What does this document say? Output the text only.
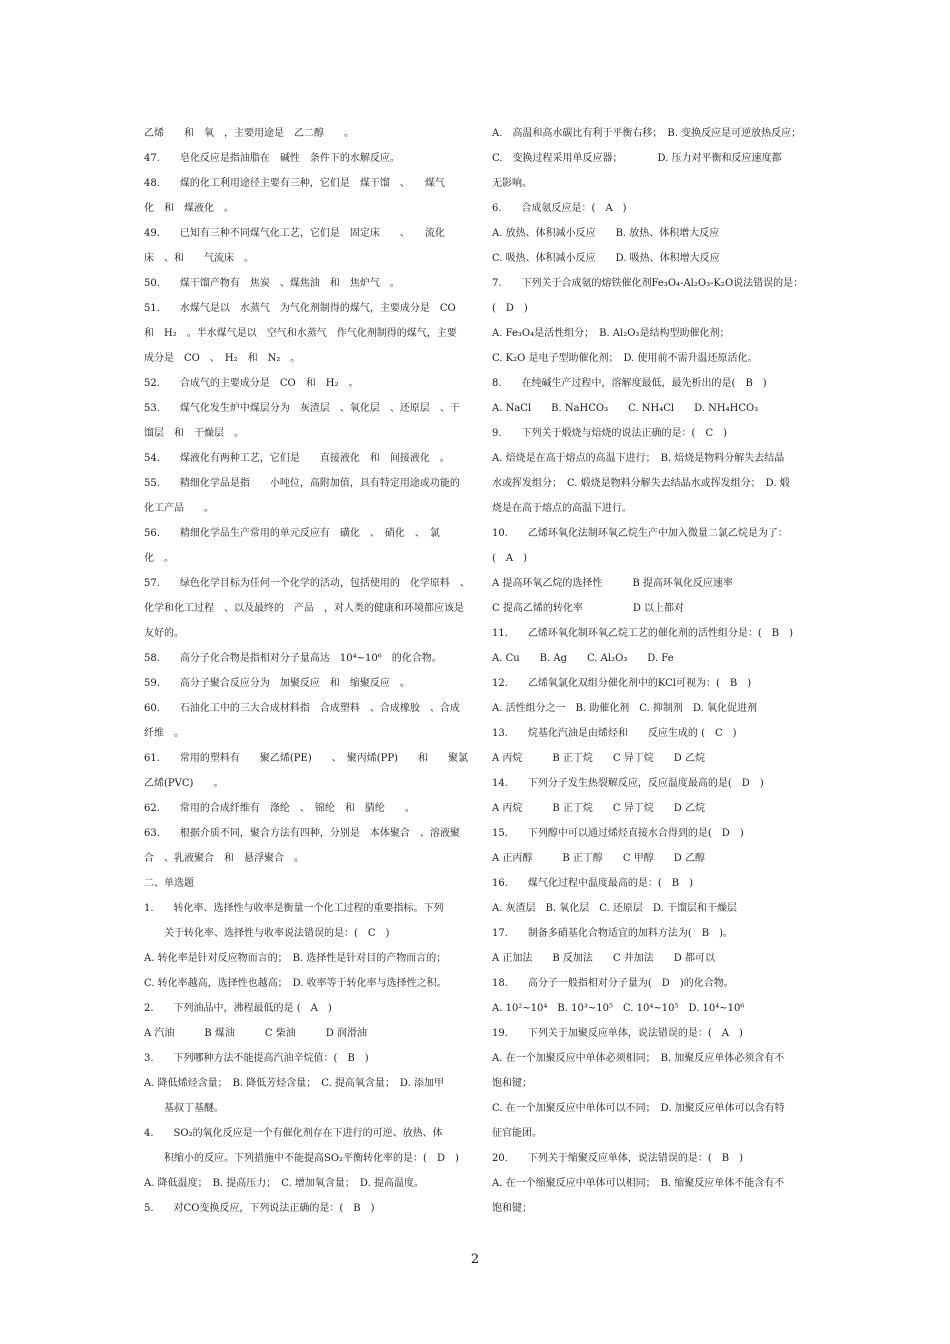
乙烯　　和　氧　，主要用途是　乙二醇　　。
47.　　皂化反应是指油脂在　碱性　条件下的水解反应。
48.　　煤的化工利用途径主要有三种，它们是　煤干馏　、　　煤气
化　和　煤液化　。
49.　　已知有三种不同煤气化工艺，它们是　固定床　　、　　流化
床　、和　　气流床　。
50.　　煤干馏产物有　焦炭　、煤焦油　和　焦炉气　。
51.　　水煤气是以　水蒸气　为气化剂制得的煤气，主要成分是　CO
和　H₂　。半水煤气是以　空气和水蒸气　作气化剂制得的煤气，主要
成分是　CO　、　H₂　和　N₂　。
52.　　合成气的主要成分是　CO　和　H₂　。
53.　　煤气化发生炉中煤层分为　灰渣层　、氧化层　、还原层　、干
馏层　和　干燥层　。
54.　　煤液化有两种工艺，它们是　　直接液化　和　间接液化　。
55.　　精细化学品是指　　小吨位，高附加值，具有特定用途或功能的
化工产品　　。
56.　　精细化学品生产常用的单元反应有　磺化　、　硝化　、　氯
化　。
57.　　绿色化学目标为任何一个化学的活动，包括使用的　化学原料　、
化学和化工过程　、以及最终的　产品　，对人类的健康和环境都应该是
友好的。
58.　　高分子化合物是指相对分子量高达　10⁴~10⁶　的化合物。
59.　　高分子聚合反应分为　加聚反应　和　缩聚反应　。
60.　　石油化工中的三大合成材料指　合成塑料　、合成橡胶　、合成
纤维　。
61.　　常用的塑料有　　聚乙烯(PE)　　、　聚丙烯(PP)　　和　　聚氯
乙烯(PVC)　　。
62.　　常用的合成纤维有　涤纶　、　锦纶　和　腈纶　　。
63.　　根据介质不同，聚合方法有四种，分别是　本体聚合　、溶液聚
合　、乳液聚合　和　悬浮聚合　。
二、单选题
1.　　转化率、选择性与收率是衡量一个化工过程的重要指标。下列
　　关于转化率、选择性与收率说法错误的是：(　C　)
A. 转化率是针对反应物而言的；　B. 选择性是针对目的产物而言的；
C. 转化率越高，选择性也越高；　D. 收率等于转化率与选择性之积。
2.　　下列油品中，沸程最低的是 (　A　)
A 汽油　　　B 煤油　　　C 柴油　　　D 润滑油
3.　　下列哪种方法不能提高汽油辛烷值：(　B　)
A. 降低烯烃含量；　B. 降低芳烃含量；　C. 提高氧含量；　D. 添加甲
　　基叔丁基醚。
4.　　SO₂的氧化反应是一个有催化剂存在下进行的可逆、放热、体
　　积缩小的反应。下列措施中不能提高SO₂平衡转化率的是：(　D　)
A. 降低温度；　B. 提高压力；　C. 增加氧含量；　D. 提高温度。
5.　　对CO变换反应，下列说法正确的是：(　B　)
A.　高温和高水碳比有利于平衡右移；　B. 变换反应是可逆放热反应；
C.　变换过程采用单反应器；　　　　D. 压力对平衡和反应速度都
无影响。
6.　　合成氨反应是：(　A　)
A. 放热、体积减小反应　　B. 放热、体积增大反应
C. 吸热、体积减小反应　　D. 吸热、体积增大反应
7.　　下列关于合成氨的熔铁催化剂Fe₃O₄-Al₂O₃-K₂O说法错误的是：
(　D　)
A. Fe₃O₄是活性组分；　B. Al₂O₃是结构型助催化剂；
C. K₂O 是电子型助催化剂；　D. 使用前不需升温还原活化。
8.　　在纯碱生产过程中，溶解度最低，最先析出的是(　B　)
A. NaCl　　B. NaHCO₃　　C. NH₄Cl　　D. NH₄HCO₃
9.　　下列关于煅烧与焙烧的说法正确的是：(　C　)
A. 焙烧是在高于熔点的高温下进行；　B. 焙烧是物料分解失去结晶
水或挥发组分；　C. 煅烧是物料分解失去结晶水或挥发组分；　D. 煅
烧是在高于熔点的高温下进行。
10.　　乙烯环氧化法制环氧乙烷生产中加入微量二氯乙烷是为了：
(　A　)
A 提高环氧乙烷的选择性　　　B 提高环氧化反应速率
C 提高乙烯的转化率　　　　　D 以上都对
11.　　乙烯环氧化制环氧乙烷工艺的催化剂的活性组分是：(　B　)
A. Cu　　B. Ag　　C. Al₂O₃　　D. Fe
12.　　乙烯氧氯化双组分催化剂中的KCl可视为：(　B　)
A. 活性组分之一　B. 助催化剂　C. 抑制剂　D. 氧化促进剂
13.　　烷基化汽油是由烯烃和　　反应生成的 (　C　)
A 丙烷　　　B 正丁烷　　C 异丁烷　　D 乙烷
14.　　下列分子发生热裂解反应，反应温度最高的是(　D　)
A 丙烷　　　B 正丁烷　　C 异丁烷　　D 乙烷
15.　　下列醇中可以通过烯烃直接水合得到的是(　D　)
A 正丙醇　　　B 正丁醇　　C 甲醇　　D 乙醇
16.　　煤气化过程中温度最高的是：(　B　)
A. 灰渣层　B. 氧化层　C. 还原层　D. 干馏层和干燥层
17.　　制备多硝基化合物适宜的加料方法为(　B　)。
A 正加法　　B 反加法　　C 并加法　　D 都可以
18.　　高分子一般指相对分子量为(　D　)的化合物。
A. 10²~10⁴　B. 10³~10⁵　C. 10⁴~10⁵　D. 10⁴~10⁶
19.　　下列关于加聚反应单体，说法错误的是：(　A　)
A. 在一个加聚反应中单体必须相同；　B. 加聚反应单体必须含有不
饱和键；
C. 在一个加聚反应中单体可以不同；　D. 加聚反应单体可以含有特
征官能团。
20.　　下列关于缩聚反应单体，说法错误的是：(　B　)
A. 在一个缩聚反应中单体可以相同；　B. 缩聚反应单体不能含有不
饱和键；
2
